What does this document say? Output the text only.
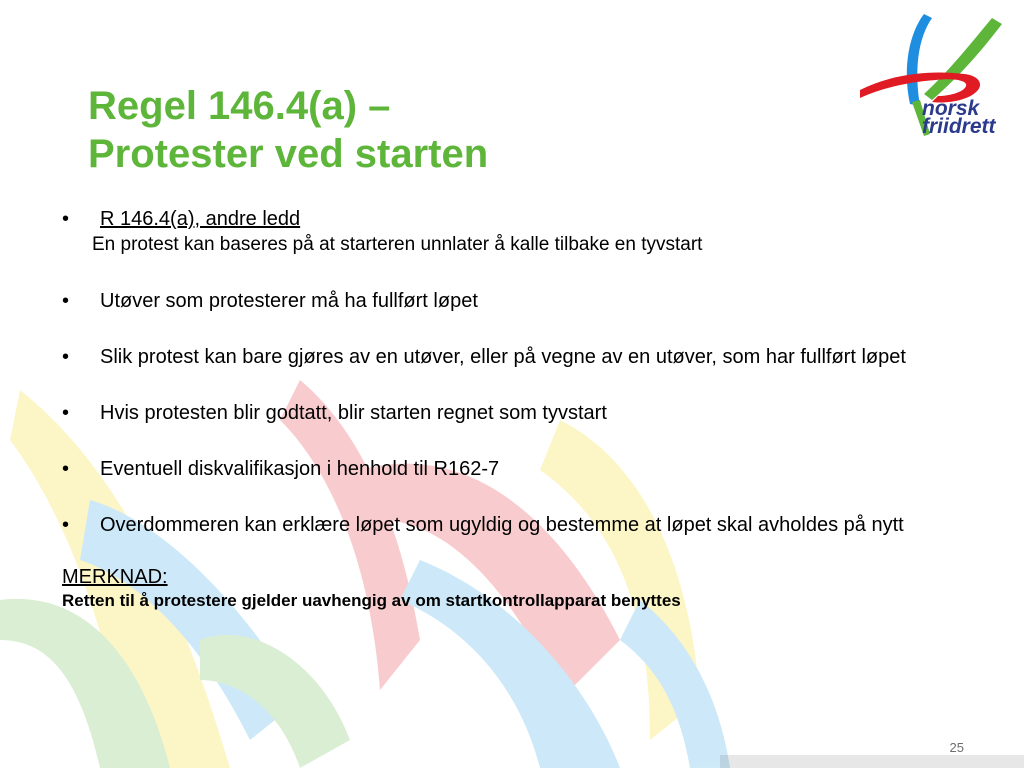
norsk
friidrett
Regel 146.4(a) –
Protester ved starten
•	R 146.4(a), andre ledd
En protest kan baseres på at starteren unnlater å kalle tilbake en tyvstart
•	Utøver som protesterer må ha fullført løpet
•	Slik protest kan bare gjøres av en utøver, eller på vegne av en utøver, som har fullført løpet
•	Hvis protesten blir godtatt, blir starten regnet som tyvstart
•	Eventuell diskvalifikasjon i henhold til R162-7
•	Overdommeren kan erklære løpet som ugyldig og bestemme at løpet skal avholdes på nytt
MERKNAD:
Retten til å protestere gjelder uavhengig av om startkontrollapparat benyttes
25
